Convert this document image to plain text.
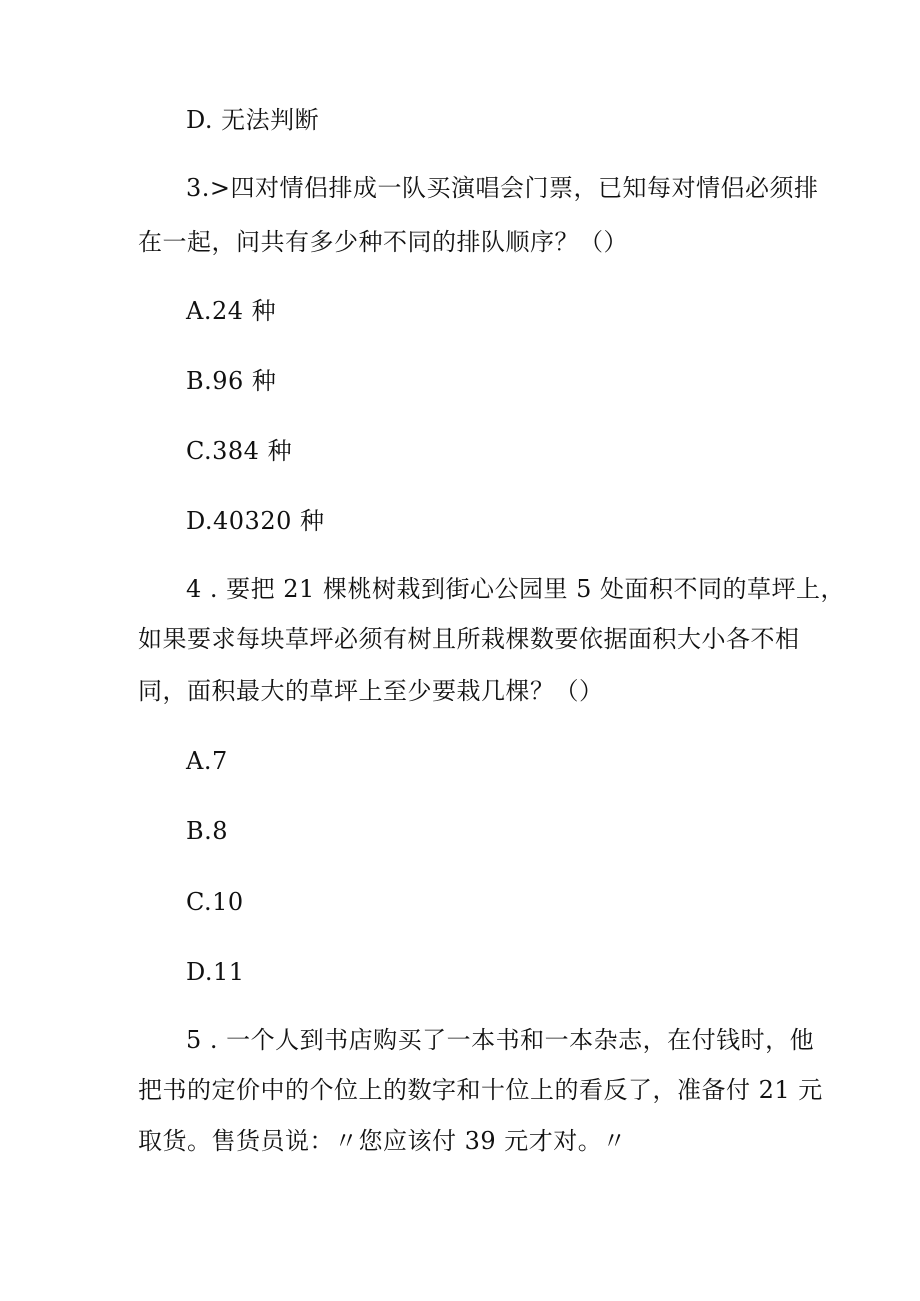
D. 无法判断
3.>四对情侣排成一队买演唱会门票，已知每对情侣必须排
在一起，问共有多少种不同的排队顺序？（）
A.24 种
B.96 种
C.384 种
D.40320 种
4 . 要把 21 棵桃树栽到街心公园里 5 处面积不同的草坪上，
如果要求每块草坪必须有树且所栽棵数要依据面积大小各不相
同，面积最大的草坪上至少要栽几棵？（）
A.7
B.8
C.10
D.11
5 . 一个人到书店购买了一本书和一本杂志，在付钱时，他
把书的定价中的个位上的数字和十位上的看反了，准备付 21 元
取货。售货员说：〃您应该付 39 元才对。〃
